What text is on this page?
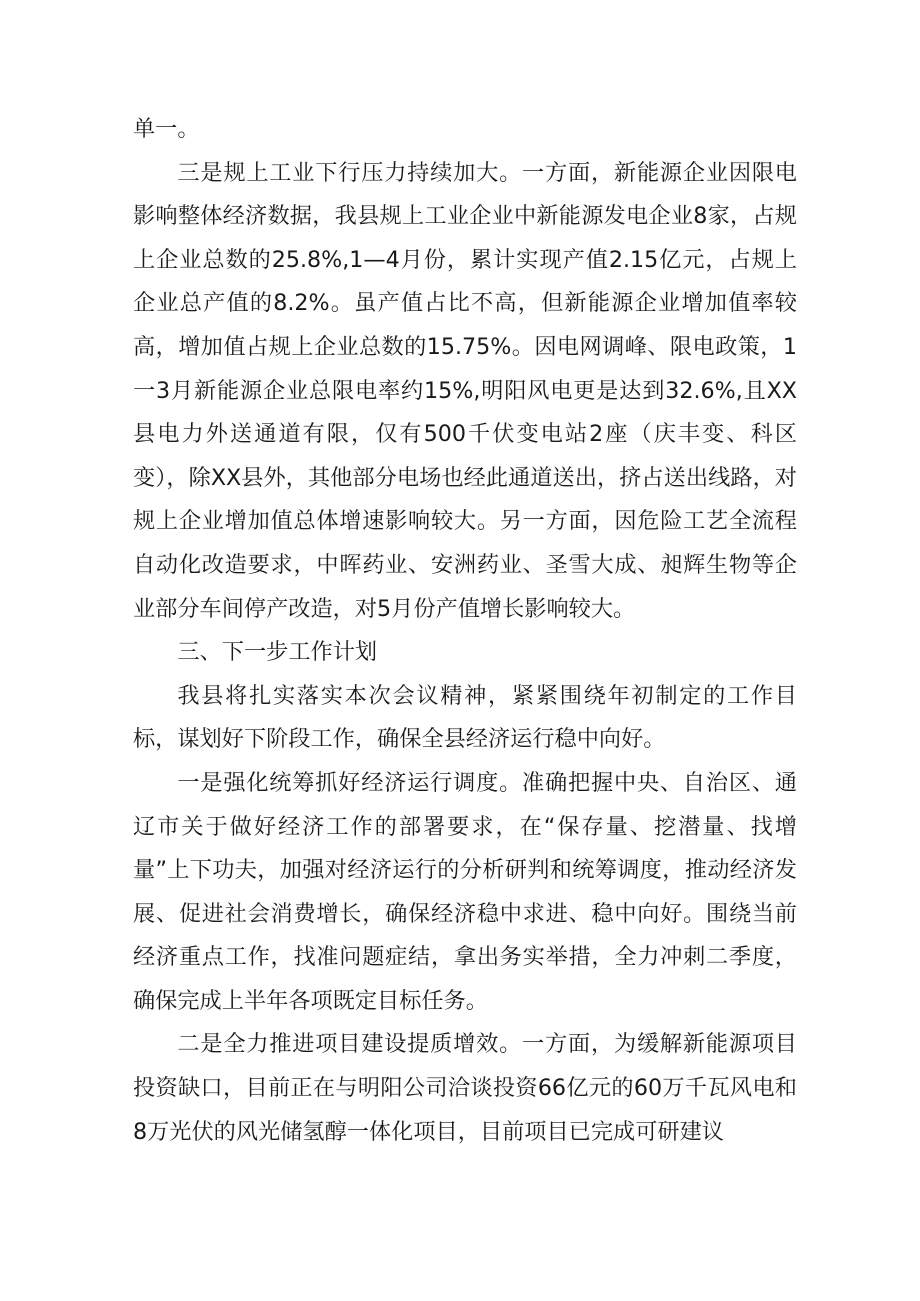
单一。

三是规上工业下行压力持续加大。一方面，新能源企业因限电影响整体经济数据，我县规上工业企业中新能源发电企业8家，占规上企业总数的25.8%,1—4月份，累计实现产值2.15亿元，占规上企业总产值的8.2%。虽产值占比不高，但新能源企业增加值率较高，增加值占规上企业总数的15.75%。因电网调峰、限电政策，1一3月新能源企业总限电率约15%,明阳风电更是达到32.6%,且XX县电力外送通道有限，仅有500千伏变电站2座（庆丰变、科区变），除XX县外，其他部分电场也经此通道送出，挤占送出线路，对规上企业增加值总体增速影响较大。另一方面，因危险工艺全流程自动化改造要求，中晖药业、安洲药业、圣雪大成、昶辉生物等企业部分车间停产改造，对5月份产值增长影响较大。

三、下一步工作计划

我县将扎实落实本次会议精神，紧紧围绕年初制定的工作目标，谋划好下阶段工作，确保全县经济运行稳中向好。

一是强化统筹抓好经济运行调度。准确把握中央、自治区、通辽市关于做好经济工作的部署要求，在“保存量、挖潜量、找增量”上下功夫，加强对经济运行的分析研判和统筹调度，推动经济发展、促进社会消费增长，确保经济稳中求进、稳中向好。围绕当前经济重点工作，找准问题症结，拿出务实举措，全力冲刺二季度，确保完成上半年各项既定目标任务。

二是全力推进项目建设提质增效。一方面，为缓解新能源项目投资缺口，目前正在与明阳公司洽谈投资66亿元的60万千瓦风电和8万光伏的风光储氢醇一体化项目，目前项目已完成可研建议
